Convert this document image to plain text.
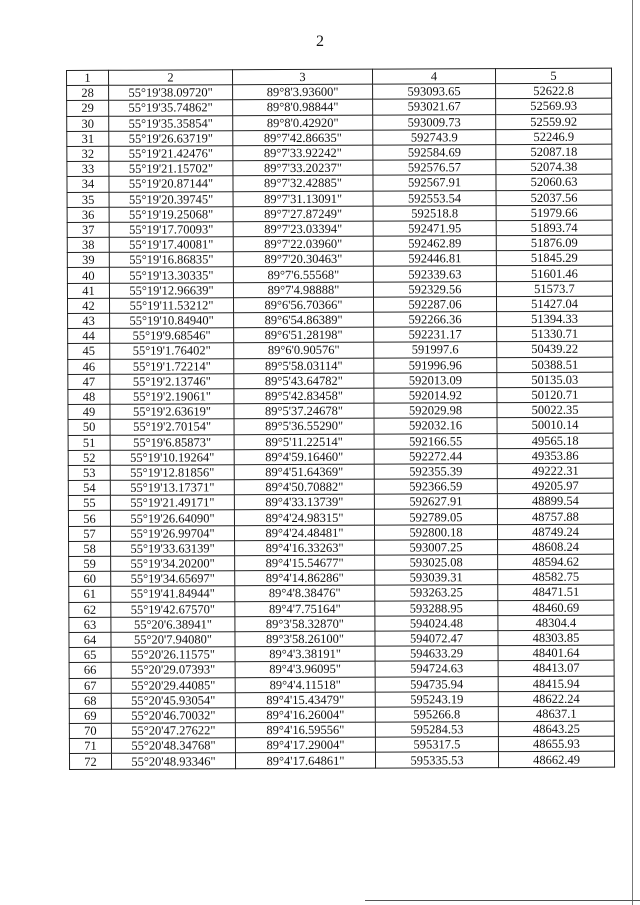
2
1	2	3	4	5
28	55°19'38.09720"	89°8'3.93600"	593093.65	52622.8
29	55°19'35.74862"	89°8'0.98844"	593021.67	52569.93
30	55°19'35.35854"	89°8'0.42920"	593009.73	52559.92
31	55°19'26.63719"	89°7'42.86635"	592743.9	52246.9
32	55°19'21.42476"	89°7'33.92242"	592584.69	52087.18
33	55°19'21.15702"	89°7'33.20237"	592576.57	52074.38
34	55°19'20.87144"	89°7'32.42885"	592567.91	52060.63
35	55°19'20.39745"	89°7'31.13091"	592553.54	52037.56
36	55°19'19.25068"	89°7'27.87249"	592518.8	51979.66
37	55°19'17.70093"	89°7'23.03394"	592471.95	51893.74
38	55°19'17.40081"	89°7'22.03960"	592462.89	51876.09
39	55°19'16.86835"	89°7'20.30463"	592446.81	51845.29
40	55°19'13.30335"	89°7'6.55568"	592339.63	51601.46
41	55°19'12.96639"	89°7'4.98888"	592329.56	51573.7
42	55°19'11.53212"	89°6'56.70366"	592287.06	51427.04
43	55°19'10.84940"	89°6'54.86389"	592266.36	51394.33
44	55°19'9.68546"	89°6'51.28198"	592231.17	51330.71
45	55°19'1.76402"	89°6'0.90576"	591997.6	50439.22
46	55°19'1.72214"	89°5'58.03114"	591996.96	50388.51
47	55°19'2.13746"	89°5'43.64782"	592013.09	50135.03
48	55°19'2.19061"	89°5'42.83458"	592014.92	50120.71
49	55°19'2.63619"	89°5'37.24678"	592029.98	50022.35
50	55°19'2.70154"	89°5'36.55290"	592032.16	50010.14
51	55°19'6.85873"	89°5'11.22514"	592166.55	49565.18
52	55°19'10.19264"	89°4'59.16460"	592272.44	49353.86
53	55°19'12.81856"	89°4'51.64369"	592355.39	49222.31
54	55°19'13.17371"	89°4'50.70882"	592366.59	49205.97
55	55°19'21.49171"	89°4'33.13739"	592627.91	48899.54
56	55°19'26.64090"	89°4'24.98315"	592789.05	48757.88
57	55°19'26.99704"	89°4'24.48481"	592800.18	48749.24
58	55°19'33.63139"	89°4'16.33263"	593007.25	48608.24
59	55°19'34.20200"	89°4'15.54677"	593025.08	48594.62
60	55°19'34.65697"	89°4'14.86286"	593039.31	48582.75
61	55°19'41.84944"	89°4'8.38476"	593263.25	48471.51
62	55°19'42.67570"	89°4'7.75164"	593288.95	48460.69
63	55°20'6.38941"	89°3'58.32870"	594024.48	48304.4
64	55°20'7.94080"	89°3'58.26100"	594072.47	48303.85
65	55°20'26.11575"	89°4'3.38191"	594633.29	48401.64
66	55°20'29.07393"	89°4'3.96095"	594724.63	48413.07
67	55°20'29.44085"	89°4'4.11518"	594735.94	48415.94
68	55°20'45.93054"	89°4'15.43479"	595243.19	48622.24
69	55°20'46.70032"	89°4'16.26004"	595266.8	48637.1
70	55°20'47.27622"	89°4'16.59556"	595284.53	48643.25
71	55°20'48.34768"	89°4'17.29004"	595317.5	48655.93
72	55°20'48.93346"	89°4'17.64861"	595335.53	48662.49
